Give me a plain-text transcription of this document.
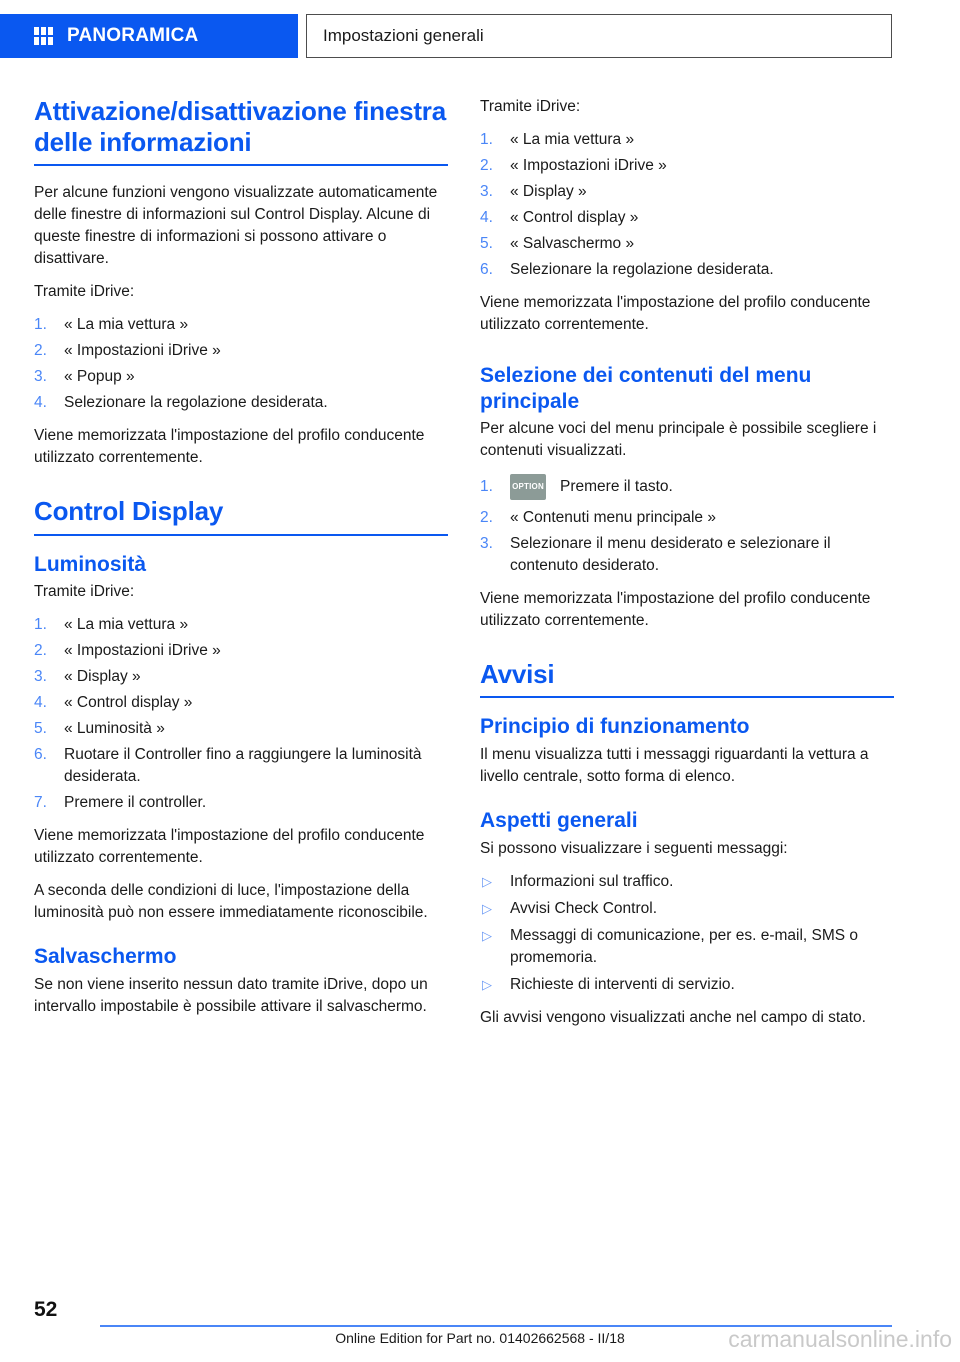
PANORAMICA	Impostazioni generali
Attivazione/disattivazione finestra delle informazioni

Per alcune funzioni vengono visualizzate automaticamente delle finestre di informazioni sul Control Display. Alcune di queste finestre di informazioni si possono attivare o disattivare.

Tramite iDrive:

1. « La mia vettura »
2. « Impostazioni iDrive »
3. « Popup »
4. Selezionare la regolazione desiderata.

Viene memorizzata l'impostazione del profilo conducente utilizzato correntemente.

Control Display
Luminosità

Tramite iDrive:

1. « La mia vettura »
2. « Impostazioni iDrive »
3. « Display »
4. « Control display »
5. « Luminosità »
6. Ruotare il Controller fino a raggiungere la luminosità desiderata.
7. Premere il controller.

Viene memorizzata l'impostazione del profilo conducente utilizzato correntemente.

A seconda delle condizioni di luce, l'impostazione della luminosità può non essere immediatamente riconoscibile.

Salvaschermo

Se non viene inserito nessun dato tramite iDrive, dopo un intervallo impostabile è possibile attivare il salvaschermo.

Tramite iDrive:

1. « La mia vettura »
2. « Impostazioni iDrive »
3. « Display »
4. « Control display »
5. « Salvaschermo »
6. Selezionare la regolazione desiderata.

Viene memorizzata l'impostazione del profilo conducente utilizzato correntemente.

Selezione dei contenuti del menu principale

Per alcune voci del menu principale è possibile scegliere i contenuti visualizzati.

1. OPTION Premere il tasto.
2. « Contenuti menu principale »
3. Selezionare il menu desiderato e selezionare il contenuto desiderato.

Viene memorizzata l'impostazione del profilo conducente utilizzato correntemente.

Avvisi
Principio di funzionamento

Il menu visualizza tutti i messaggi riguardanti la vettura a livello centrale, sotto forma di elenco.

Aspetti generali

Si possono visualizzare i seguenti messaggi:

▷ Informazioni sul traffico.
▷ Avvisi Check Control.
▷ Messaggi di comunicazione, per es. e-mail, SMS o promemoria.
▷ Richieste di interventi di servizio.

Gli avvisi vengono visualizzati anche nel campo di stato.

52
Online Edition for Part no. 01402662568 - II/18	carmanualsonline.info
